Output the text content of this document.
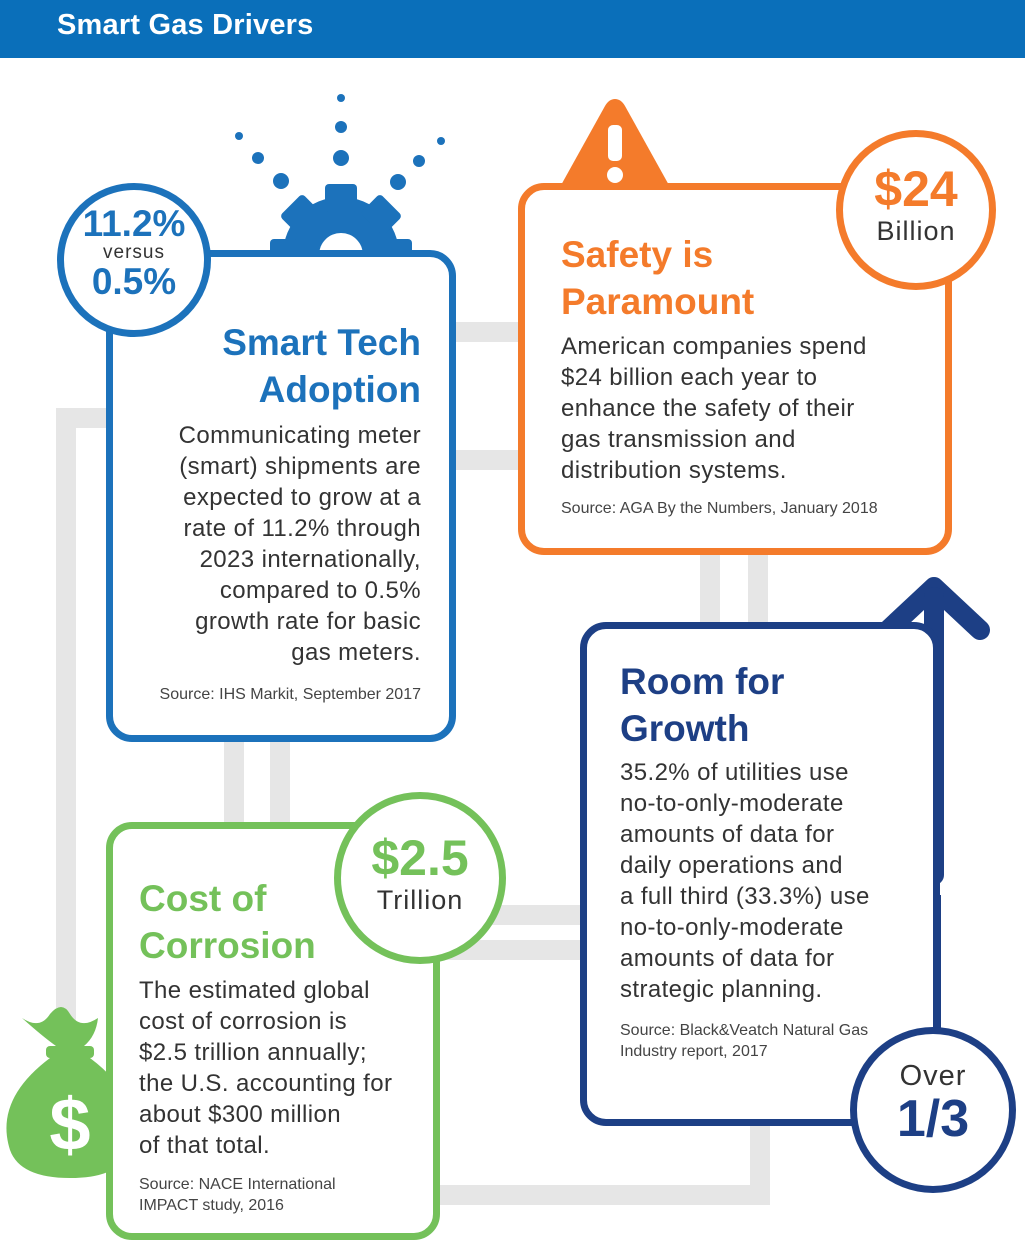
Smart Gas Drivers
$
Smart Tech
Adoption
Communicating meter
(smart) shipments are
expected to grow at a
rate of 11.2% through
2023 internationally,
compared to 0.5%
growth rate for basic
gas meters.
Source: IHS Markit, September 2017
11.2%
versus
0.5%
Safety is
Paramount
American companies spend
$24 billion each year to
enhance the safety of their
gas transmission and
distribution systems.
Source: AGA By the Numbers, January 2018
$24
Billion
Room for
Growth
35.2% of utilities use
no-to-only-moderate
amounts of data for
daily operations and
a full third (33.3%) use
no-to-only-moderate
amounts of data for
strategic planning.
Source: Black&Veatch Natural Gas
Industry report, 2017
Over
1/3
Cost of
Corrosion
The estimated global
cost of corrosion is
$2.5 trillion annually;
the U.S. accounting for
about $300 million
of that total.
Source: NACE International
IMPACT study, 2016
$2.5
Trillion
